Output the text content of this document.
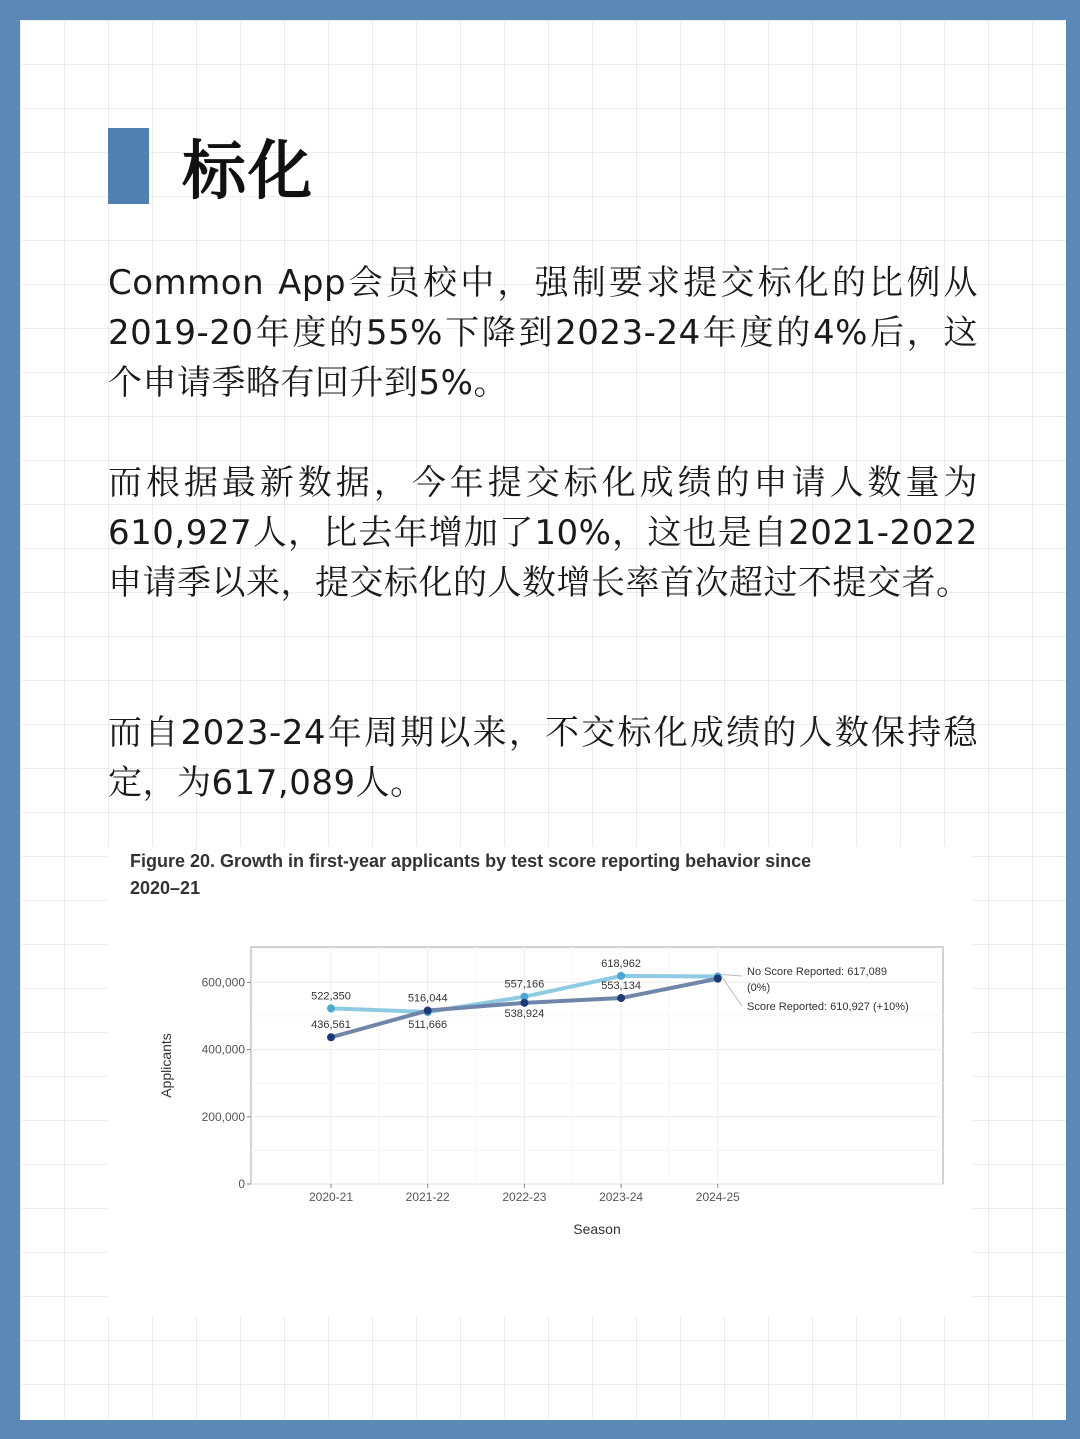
标化

Common App会员校中，强制要求提交标化的比例从2019-20年度的55%下降到2023-24年度的4%后，这个申请季略有回升到5%。

而根据最新数据，今年提交标化成绩的申请人数量为610,927人，比去年增加了10%，这也是自2021-2022申请季以来，提交标化的人数增长率首次超过不提交者。

而自2023-24年周期以来，不交标化成绩的人数保持稳定，为617,089人。

Figure 20. Growth in first-year applicants by test score reporting behavior since 2020–21

0
200,000
400,000
600,000
2020-21	2021-22	2022-23	2023-24	2024-25
Season
Applicants
522,350
511,666
557,166
618,962
436,561
516,044
538,924
553,134
No Score Reported: 617,089
(0%)
Score Reported: 610,927 (+10%)
